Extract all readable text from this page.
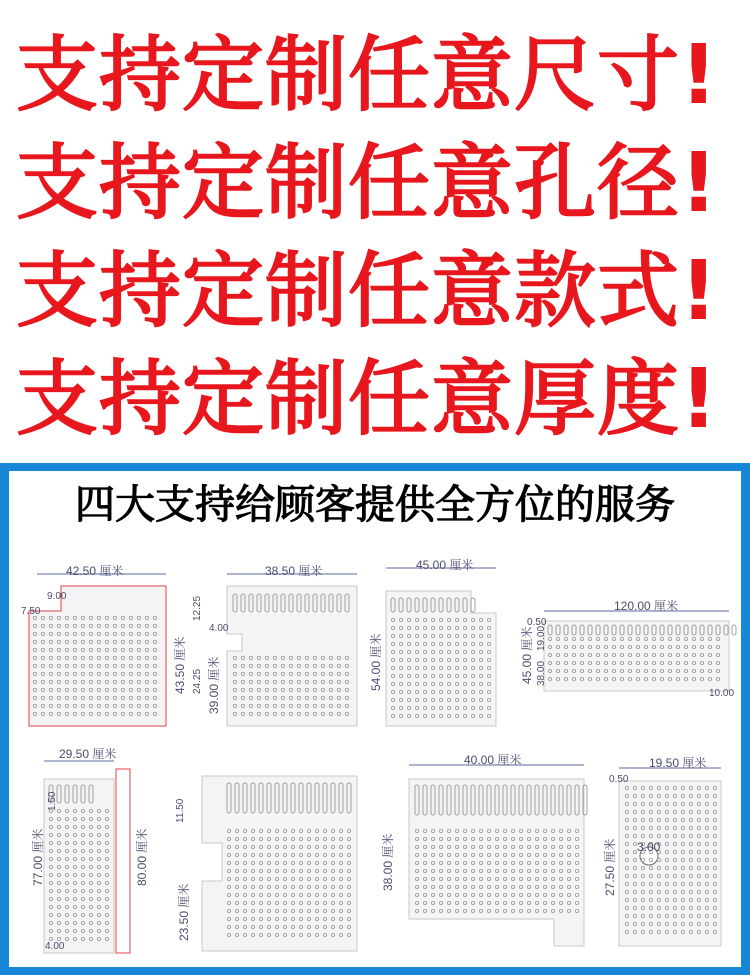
支持定制任意尺寸!
支持定制任意孔径!
支持定制任意款式!
支持定制任意厚度!
四大支持给顾客提供全方位的服务
42.50 厘米
9.00
7.50
43.50 厘米
38.50 厘米
12.25
4.00
24.25 39.00 厘米
45.00 厘米
54.00 厘米
120.00 厘米
0.50
19.00
38.00
45.00 厘米
10.00
29.50 厘米
1.50
77.00 厘米	80.00 厘米
4.00
11.50
23.50 厘米
40.00 厘米
38.00 厘米
19.50 厘米
0.50
3.00
27.50 厘米
